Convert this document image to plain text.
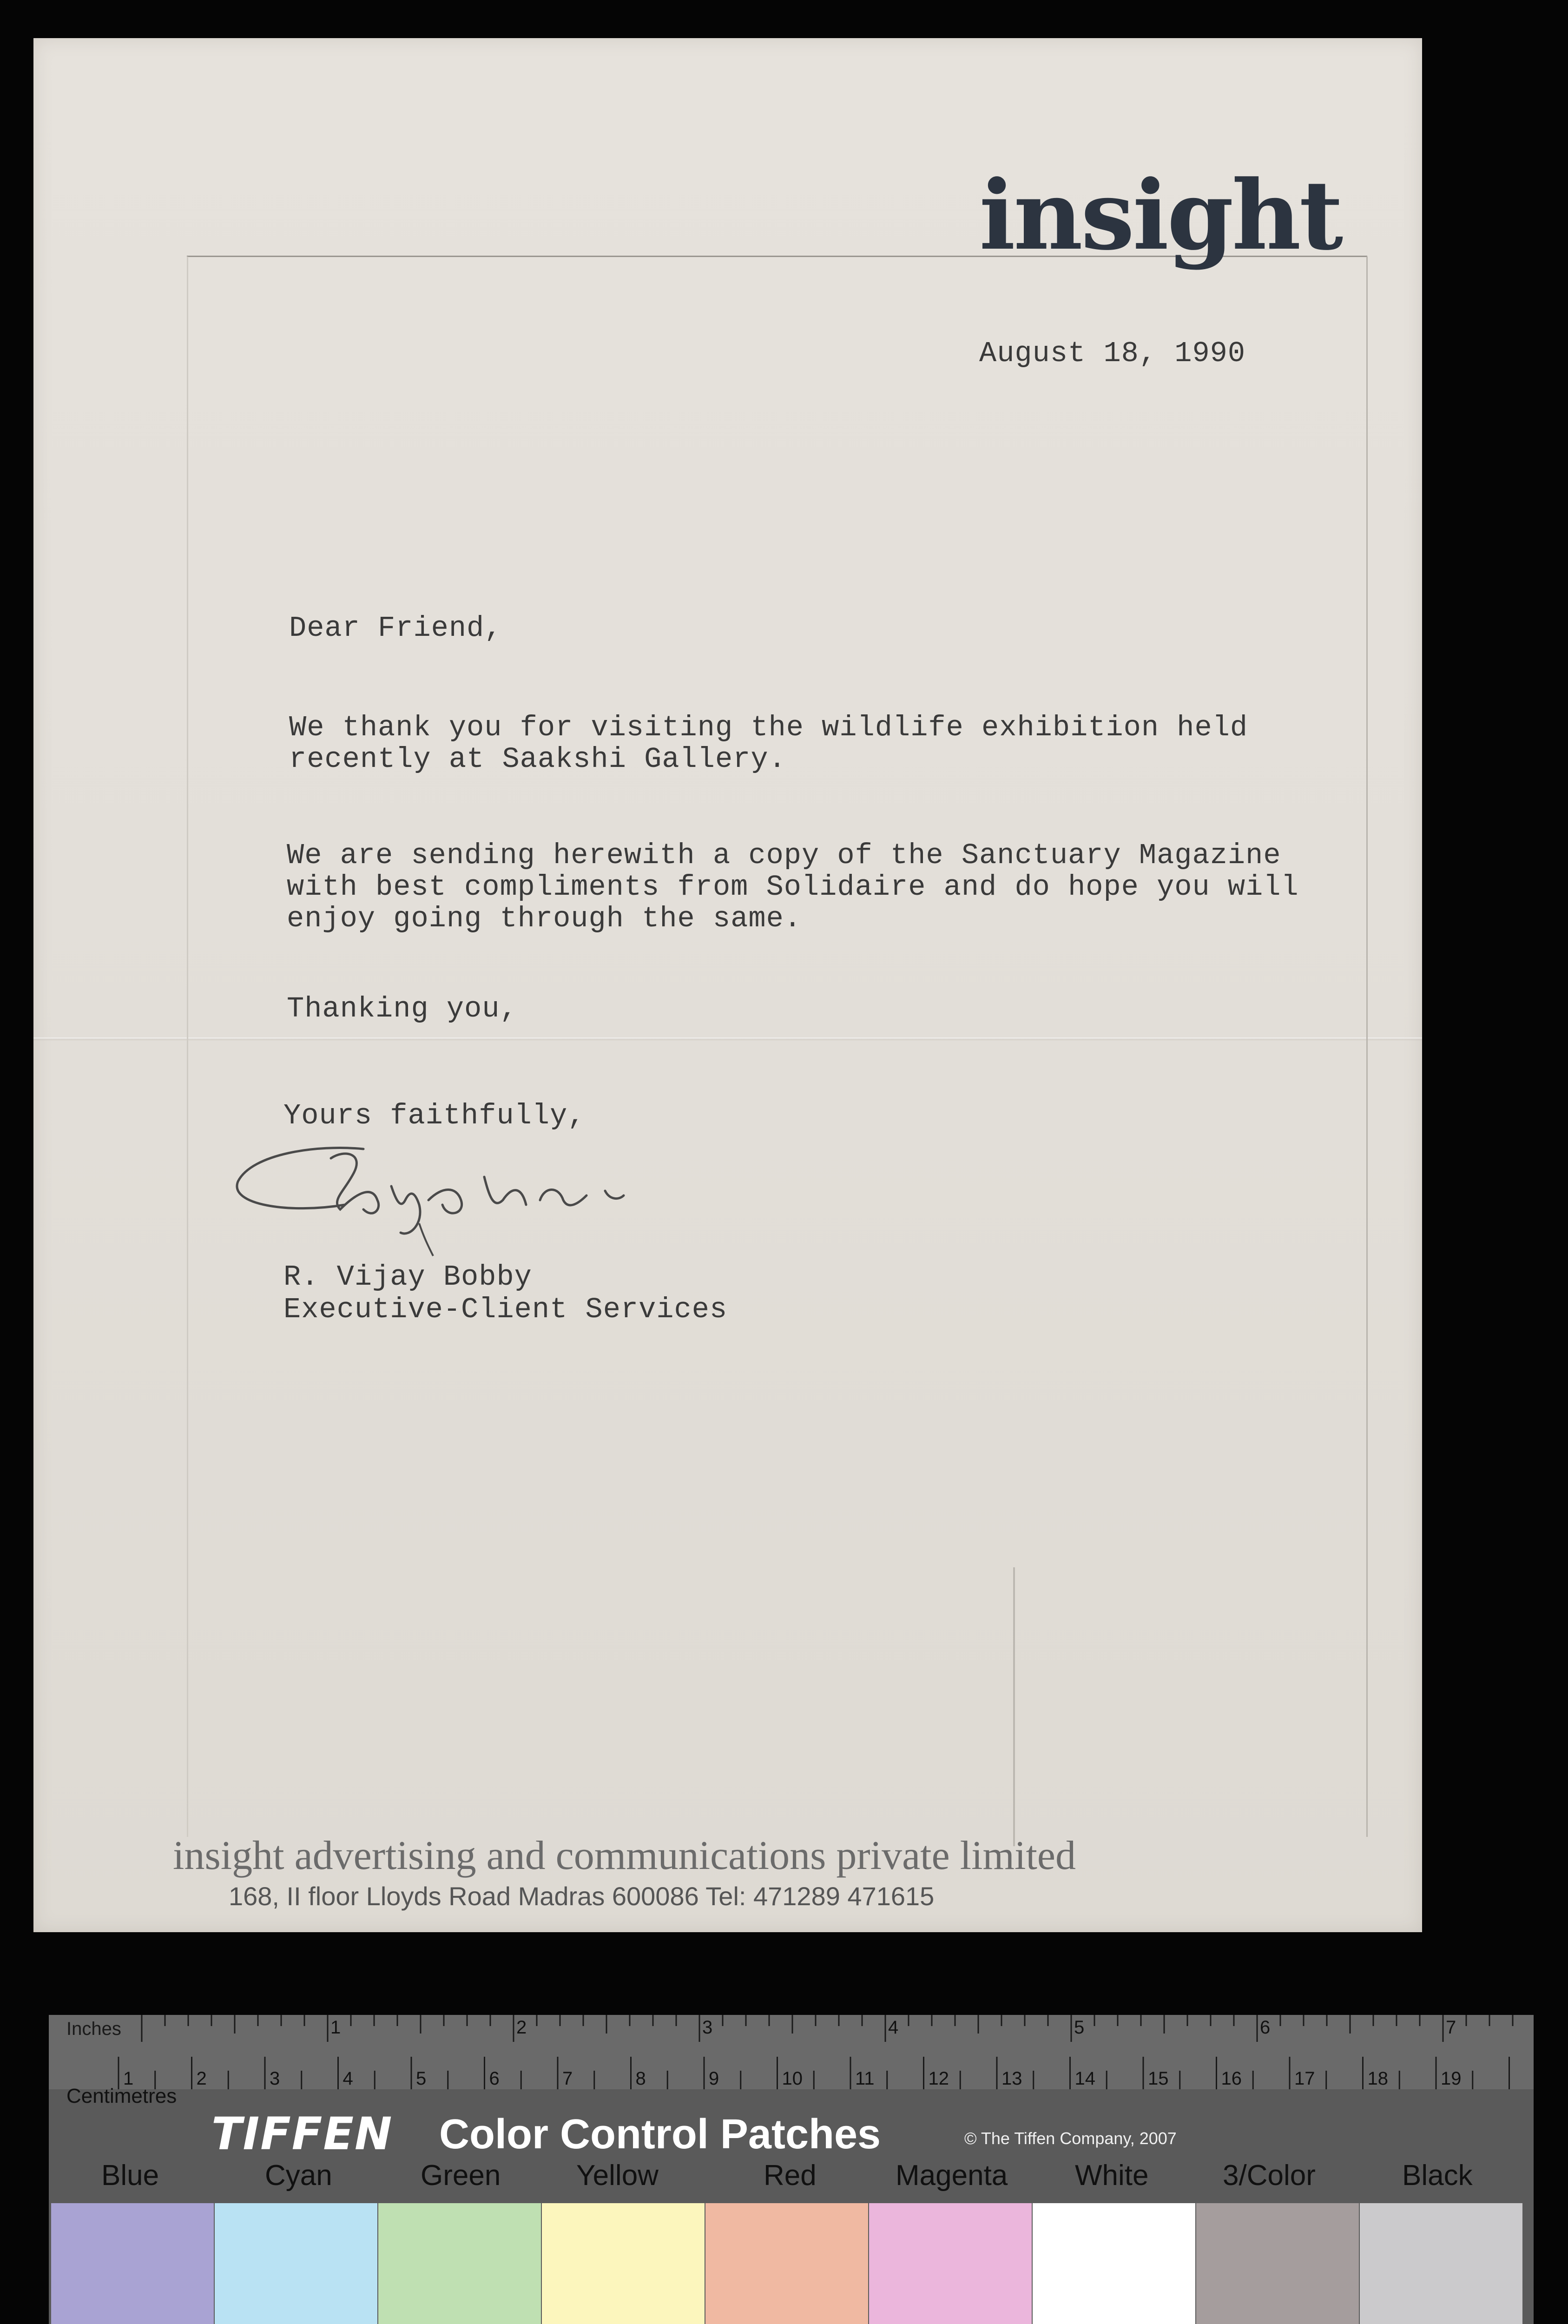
insight
August 18, 1990
Dear Friend,
We thank you for visiting the wildlife exhibition held
recently at Saakshi Gallery.
We are sending herewith a copy of the Sanctuary Magazine
with best compliments from Solidaire and do hope you will
enjoy going through the same.
Thanking you,
Yours faithfully,
R. Vijay Bobby
Executive-Client Services
insight advertising and communications private limited
168, II floor Lloyds Road Madras 600086 Tel: 471289 471615
1	2	3	4	5	6	7
1	2	3	4	5	6	7	8	9	10	11	12	13	14	15	16	17	18	19
Inches
Centimetres
TIFFEN Color Control Patches	© The Tiffen Company, 2007
Blue	Cyan	Green	Yellow	Red	Magenta White	3/Color	Black
